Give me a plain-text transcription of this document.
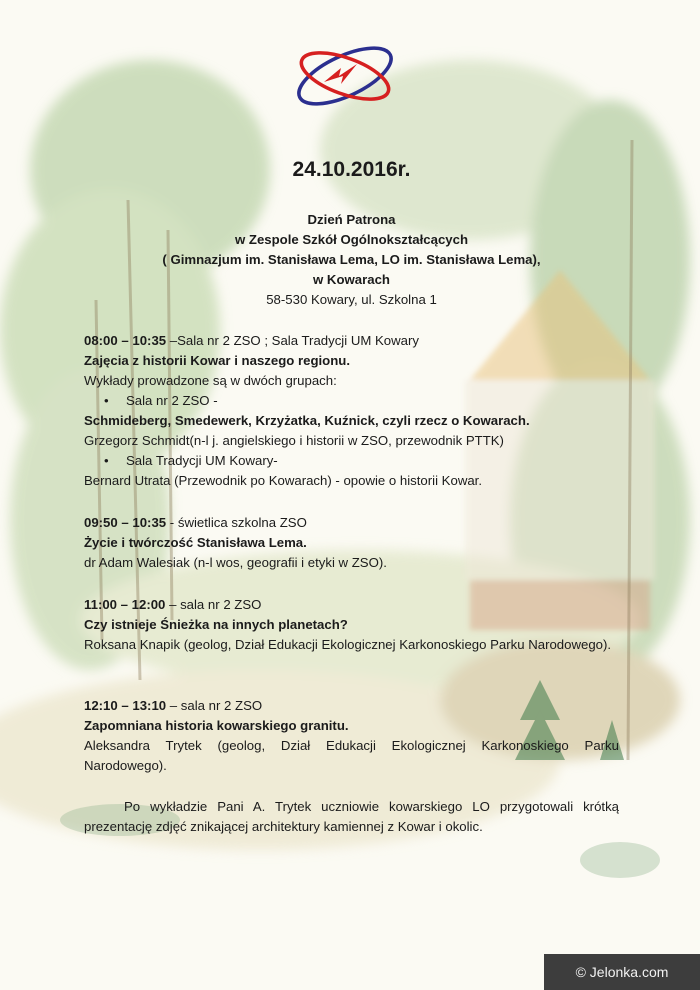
24.10.2016r.
Dzień Patrona
w Zespole Szkół Ogólnokształcących
( Gimnazjum im. Stanisława Lema, LO im. Stanisława Lema),
w Kowarach
58-530 Kowary, ul. Szkolna 1

08:00 – 10:35 –Sala nr 2 ZSO ; Sala Tradycji UM Kowary

Zajęcia z historii Kowar i naszego regionu.

Wykłady prowadzone są w dwóch grupach:

• Sala nr 2 ZSO -

Schmideberg, Smedewerk, Krzyżatka, Kuźnick, czyli rzecz o Kowarach.

Grzegorz Schmidt(n-l j. angielskiego i historii w ZSO, przewodnik PTTK)

• Sala Tradycji UM Kowary-

Bernard Utrata (Przewodnik po Kowarach) - opowie o historii Kowar.

09:50 – 10:35 - świetlica szkolna ZSO

Życie i twórczość Stanisława Lema.

dr Adam Walesiak (n-l wos, geografii i etyki w ZSO).

11:00 – 12:00 – sala nr 2 ZSO

Czy istnieje Śnieżka na innych planetach?

Roksana Knapik (geolog, Dział Edukacji Ekologicznej Karkonoskiego Parku Narodowego).

12:10 – 13:10 – sala nr 2 ZSO

Zapomniana historia kowarskiego granitu.

Aleksandra Trytek (geolog, Dział Edukacji Ekologicznej Karkonoskiego Parku Narodowego).

Po wykładzie Pani A. Trytek uczniowie kowarskiego LO przygotowali krótką prezentację zdjęć znikającej architektury kamiennej z Kowar i okolic.

© Jelonka.com
